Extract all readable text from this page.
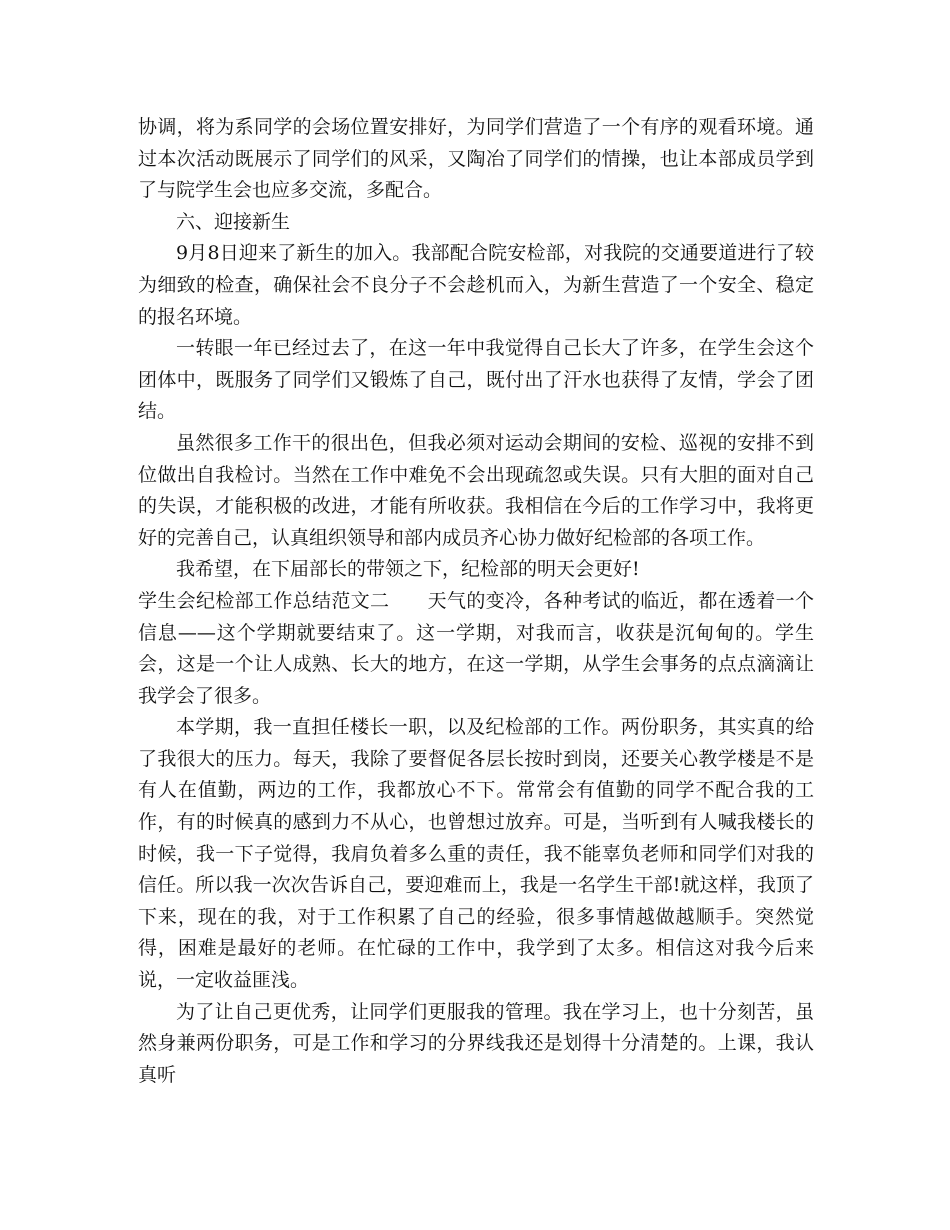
协调，将为系同学的会场位置安排好，为同学们营造了一个有序的观看环境。通过本次活动既展示了同学们的风采，又陶冶了同学们的情操，也让本部成员学到了与院学生会也应多交流，多配合。

六、迎接新生

9月8日迎来了新生的加入。我部配合院安检部，对我院的交通要道进行了较为细致的检查，确保社会不良分子不会趁机而入，为新生营造了一个安全、稳定的报名环境。

一转眼一年已经过去了，在这一年中我觉得自己长大了许多，在学生会这个团体中，既服务了同学们又锻炼了自己，既付出了汗水也获得了友情，学会了团结。

虽然很多工作干的很出色，但我必须对运动会期间的安检、巡视的安排不到位做出自我检讨。当然在工作中难免不会出现疏忽或失误。只有大胆的面对自己的失误，才能积极的改进，才能有所收获。我相信在今后的工作学习中，我将更好的完善自己，认真组织领导和部内成员齐心协力做好纪检部的各项工作。

我希望，在下届部长的带领之下，纪检部的明天会更好!

学生会纪检部工作总结范文二 天气的变冷，各种考试的临近，都在透着一个信息——这个学期就要结束了。这一学期，对我而言，收获是沉甸甸的。学生会，这是一个让人成熟、长大的地方，在这一学期，从学生会事务的点点滴滴让我学会了很多。

本学期，我一直担任楼长一职，以及纪检部的工作。两份职务，其实真的给了我很大的压力。每天，我除了要督促各层长按时到岗，还要关心教学楼是不是有人在值勤，两边的工作，我都放心不下。常常会有值勤的同学不配合我的工作，有的时候真的感到力不从心，也曾想过放弃。可是，当听到有人喊我楼长的时候，我一下子觉得，我肩负着多么重的责任，我不能辜负老师和同学们对我的信任。所以我一次次告诉自己，要迎难而上，我是一名学生干部!就这样，我顶了下来，现在的我，对于工作积累了自己的经验，很多事情越做越顺手。突然觉得，困难是最好的老师。在忙碌的工作中，我学到了太多。相信这对我今后来说，一定收益匪浅。

为了让自己更优秀，让同学们更服我的管理。我在学习上，也十分刻苦，虽然身兼两份职务，可是工作和学习的分界线我还是划得十分清楚的。上课，我认真听
